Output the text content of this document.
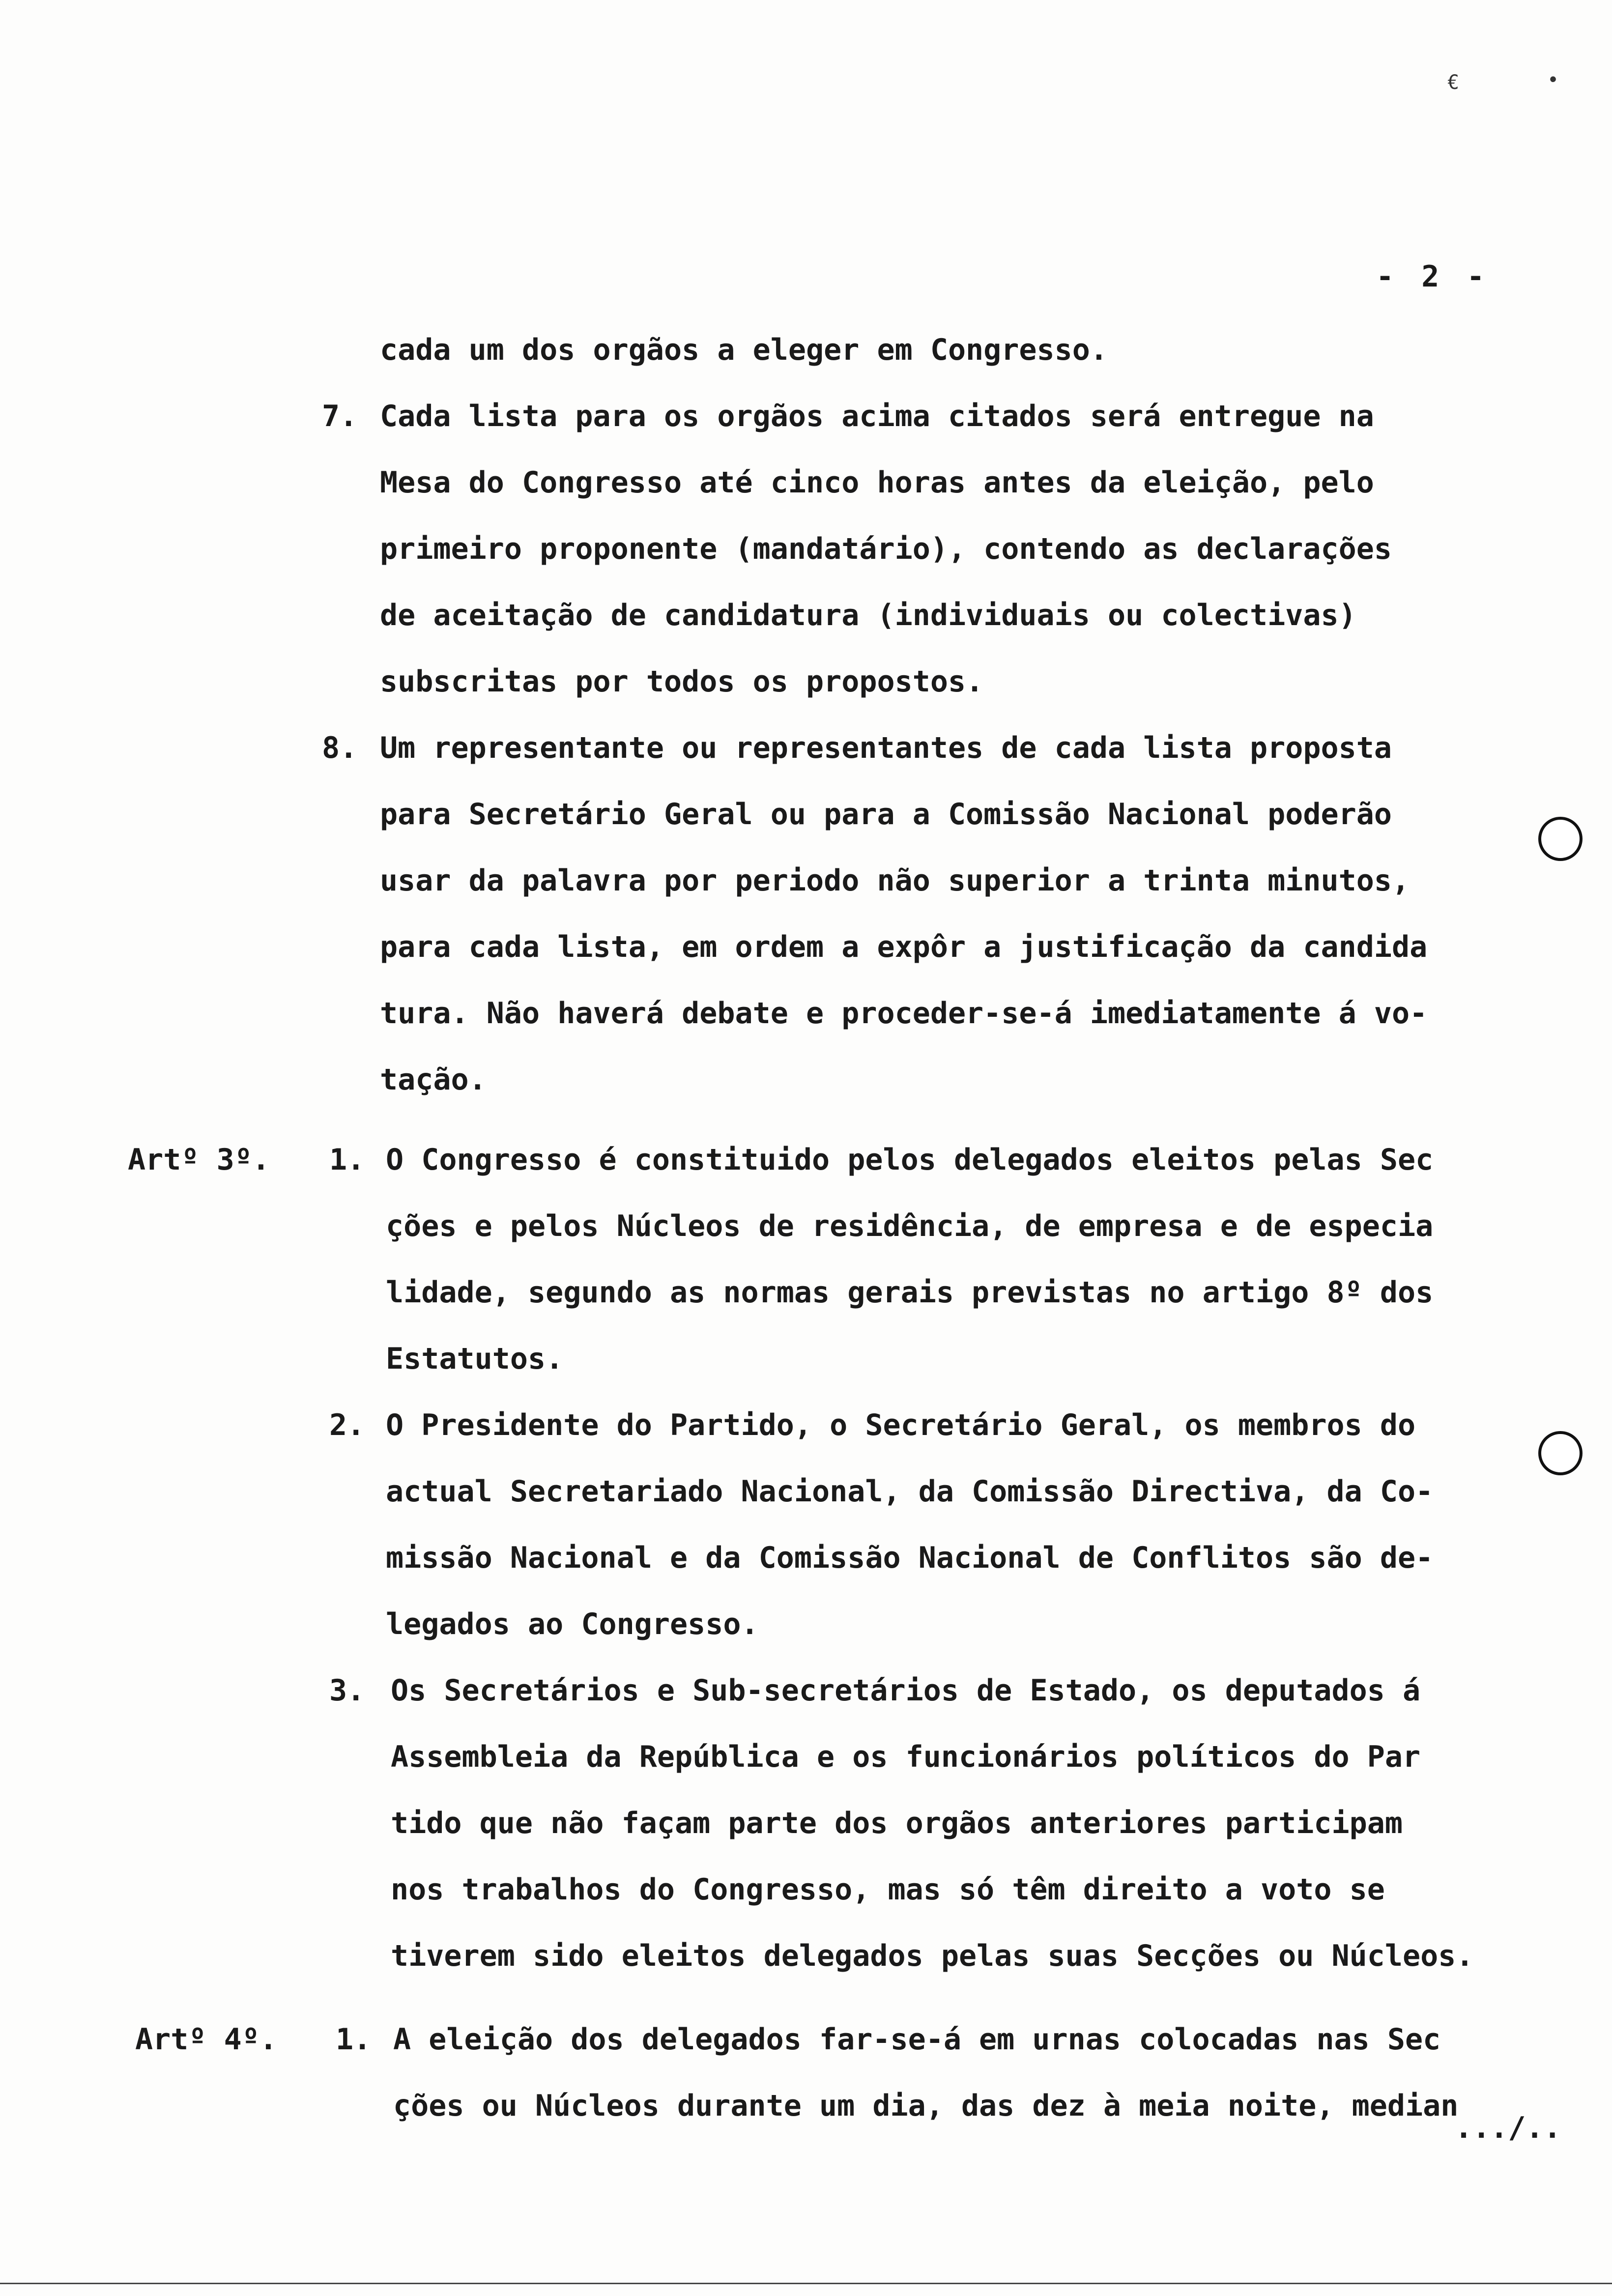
€	•
- 2 -
cada um dos orgãos a eleger em Congresso.
7. Cada lista para os orgãos acima citados será entregue na
Mesa do Congresso até cinco horas antes da eleição, pelo
primeiro proponente (mandatário), contendo as declarações
de aceitação de candidatura (individuais ou colectivas)
subscritas por todos os propostos.
8. Um representante ou representantes de cada lista proposta
para Secretário Geral ou para a Comissão Nacional poderão
usar da palavra por periodo não superior a trinta minutos,
para cada lista, em ordem a expôr a justificação da candida
tura. Não haverá debate e proceder-se-á imediatamente á vo-
tação.
Artº 3º. 1. O Congresso é constituido pelos delegados eleitos pelas Sec
ções e pelos Núcleos de residência, de empresa e de especia
lidade, segundo as normas gerais previstas no artigo 8º dos
Estatutos.
2. O Presidente do Partido, o Secretário Geral, os membros do
actual Secretariado Nacional, da Comissão Directiva, da Co-
missão Nacional e da Comissão Nacional de Conflitos são de-
legados ao Congresso.
3. Os Secretários e Sub-secretários de Estado, os deputados á
Assembleia da República e os funcionários políticos do Par
tido que não façam parte dos orgãos anteriores participam
nos trabalhos do Congresso, mas só têm direito a voto se
tiverem sido eleitos delegados pelas suas Secções ou Núcleos.
Artº 4º. 1. A eleição dos delegados far-se-á em urnas colocadas nas Sec
ções ou Núcleos durante um dia, das dez à meia noite, median
.../..
